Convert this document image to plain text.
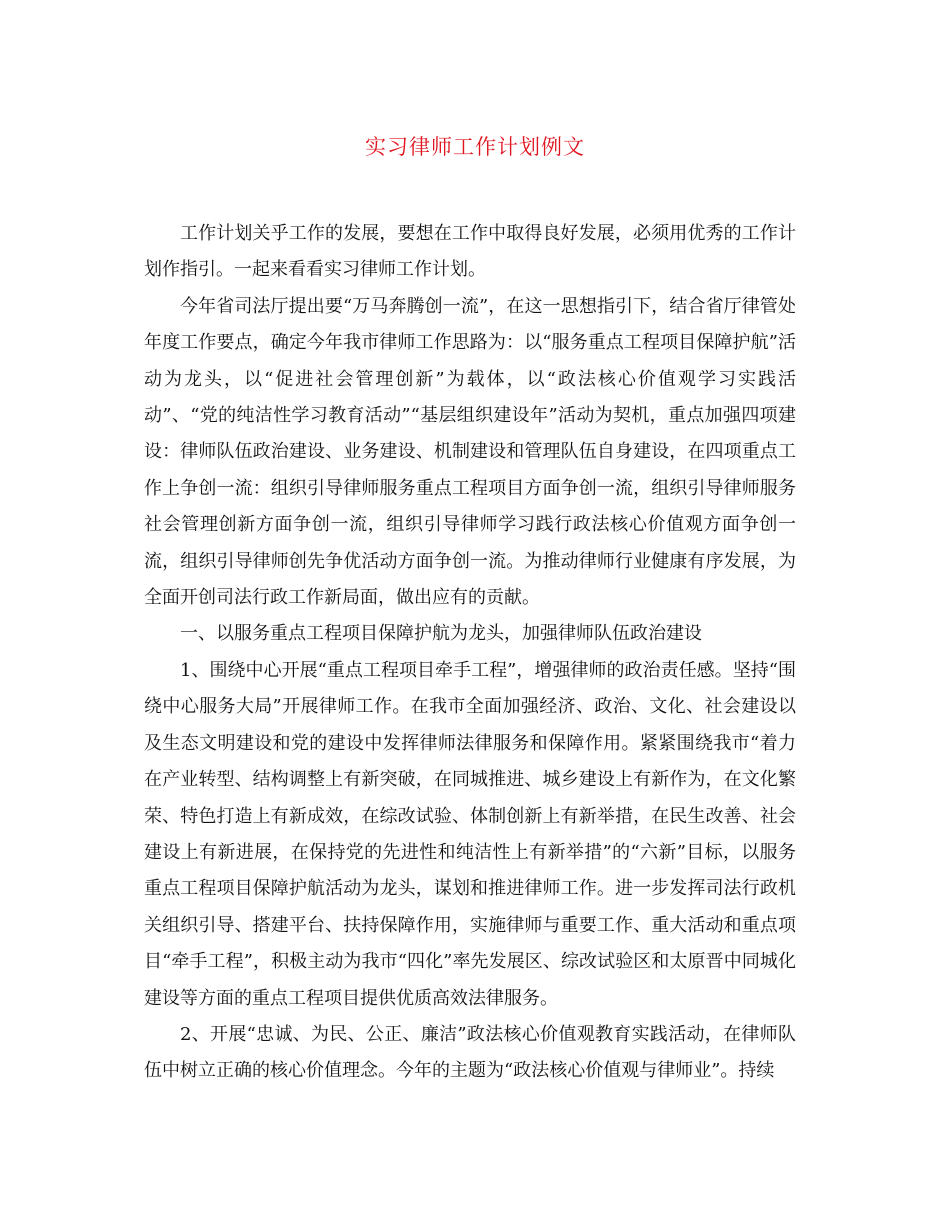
实习律师工作计划例文

工作计划关乎工作的发展，要想在工作中取得良好发展，必须用优秀的工作计划作指引。一起来看看实习律师工作计划。

今年省司法厅提出要“万马奔腾创一流”，在这一思想指引下，结合省厅律管处年度工作要点，确定今年我市律师工作思路为：以“服务重点工程项目保障护航”活动为龙头，以“促进社会管理创新”为载体，以“政法核心价值观学习实践活动”、“党的纯洁性学习教育活动”“基层组织建设年”活动为契机，重点加强四项建设：律师队伍政治建设、业务建设、机制建设和管理队伍自身建设，在四项重点工作上争创一流：组织引导律师服务重点工程项目方面争创一流，组织引导律师服务社会管理创新方面争创一流，组织引导律师学习践行政法核心价值观方面争创一流，组织引导律师创先争优活动方面争创一流。为推动律师行业健康有序发展，为全面开创司法行政工作新局面，做出应有的贡献。

一、以服务重点工程项目保障护航为龙头，加强律师队伍政治建设

1、围绕中心开展“重点工程项目牵手工程”，增强律师的政治责任感。坚持“围绕中心服务大局”开展律师工作。在我市全面加强经济、政治、文化、社会建设以及生态文明建设和党的建设中发挥律师法律服务和保障作用。紧紧围绕我市“着力在产业转型、结构调整上有新突破，在同城推进、城乡建设上有新作为，在文化繁荣、特色打造上有新成效，在综改试验、体制创新上有新举措，在民生改善、社会建设上有新进展，在保持党的先进性和纯洁性上有新举措”的“六新”目标，以服务重点工程项目保障护航活动为龙头，谋划和推进律师工作。进一步发挥司法行政机关组织引导、搭建平台、扶持保障作用，实施律师与重要工作、重大活动和重点项目“牵手工程”，积极主动为我市“四化”率先发展区、综改试验区和太原晋中同城化建设等方面的重点工程项目提供优质高效法律服务。

2、开展“忠诚、为民、公正、廉洁”政法核心价值观教育实践活动，在律师队伍中树立正确的核心价值理念。今年的主题为“政法核心价值观与律师业”。持续
